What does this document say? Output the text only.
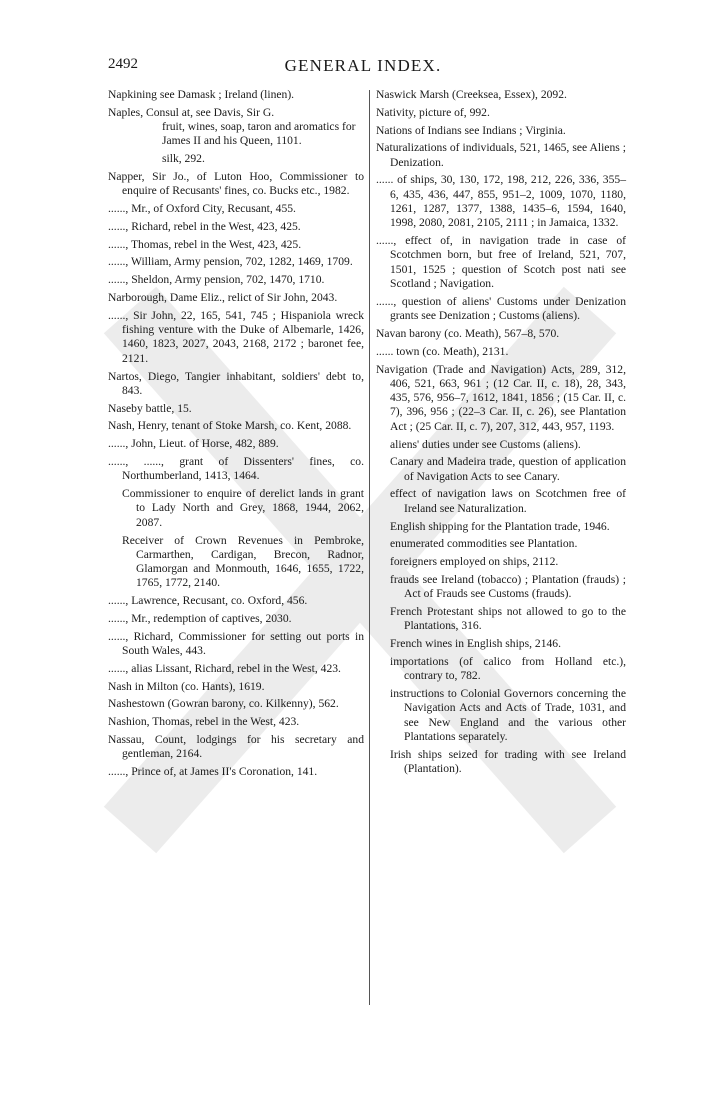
2492	GENERAL INDEX.

Napkining see Damask ; Ireland (linen).

Naples, Consul at, see Davis, Sir G.

fruit, wines, soap, taron and aromatics for James II and his Queen, 1101.

silk, 292.

Napper, Sir Jo., of Luton Hoo, Commissioner to enquire of Recusants' fines, co. Bucks etc., 1982.

......, Mr., of Oxford City, Recusant, 455.

......, Richard, rebel in the West, 423, 425.

......, Thomas, rebel in the West, 423, 425.

......, William, Army pension, 702, 1282, 1469, 1709.

......, Sheldon, Army pension, 702, 1470, 1710.

Narborough, Dame Eliz., relict of Sir John, 2043.

......, Sir John, 22, 165, 541, 745 ; Hispaniola wreck fishing venture with the Duke of Albemarle, 1426, 1460, 1823, 2027, 2043, 2168, 2172 ; baronet fee, 2121.

Nartos, Diego, Tangier inhabitant, soldiers' debt to, 843.

Naseby battle, 15.

Nash, Henry, tenant of Stoke Marsh, co. Kent, 2088.

......, John, Lieut. of Horse, 482, 889.

......, ......, grant of Dissenters' fines, co. Northumberland, 1413, 1464.

Commissioner to enquire of derelict lands in grant to Lady North and Grey, 1868, 1944, 2062, 2087.

Receiver of Crown Revenues in Pembroke, Carmarthen, Cardigan, Brecon, Radnor, Glamorgan and Monmouth, 1646, 1655, 1722, 1765, 1772, 2140.

......, Lawrence, Recusant, co. Oxford, 456.

......, Mr., redemption of captives, 2030.

......, Richard, Commissioner for setting out ports in South Wales, 443.

......, alias Lissant, Richard, rebel in the West, 423.

Nash in Milton (co. Hants), 1619.

Nashestown (Gowran barony, co. Kilkenny), 562.

Nashion, Thomas, rebel in the West, 423.

Nassau, Count, lodgings for his secretary and gentleman, 2164.

......, Prince of, at James II's Coronation, 141.

Naswick Marsh (Creeksea, Essex), 2092.

Nativity, picture of, 992.

Nations of Indians see Indians ; Virginia.

Naturalizations of individuals, 521, 1465, see Aliens ; Denization.

...... of ships, 30, 130, 172, 198, 212, 226, 336, 355–6, 435, 436, 447, 855, 951–2, 1009, 1070, 1180, 1261, 1287, 1377, 1388, 1435–6, 1594, 1640, 1998, 2080, 2081, 2105, 2111 ; in Jamaica, 1332.

......, effect of, in navigation trade in case of Scotchmen born, but free of Ireland, 521, 707, 1501, 1525 ; question of Scotch post nati see Scotland ; Navigation.

......, question of aliens' Customs under Denization grants see Denization ; Customs (aliens).

Navan barony (co. Meath), 567–8, 570.

...... town (co. Meath), 2131.

Navigation (Trade and Navigation) Acts, 289, 312, 406, 521, 663, 961 ; (12 Car. II, c. 18), 28, 343, 435, 576, 956–7, 1612, 1841, 1856 ; (15 Car. II, c. 7), 396, 956 ; (22–3 Car. II, c. 26), see Plantation Act ; (25 Car. II, c. 7), 207, 312, 443, 957, 1193.

aliens' duties under see Customs (aliens).

Canary and Madeira trade, question of application of Navigation Acts to see Canary.

effect of navigation laws on Scotchmen free of Ireland see Naturalization.

English shipping for the Plantation trade, 1946.

enumerated commodities see Plantation.

foreigners employed on ships, 2112.

frauds see Ireland (tobacco) ; Plantation (frauds) ; Act of Frauds see Customs (frauds).

French Protestant ships not allowed to go to the Plantations, 316.

French wines in English ships, 2146.

importations (of calico from Holland etc.), contrary to, 782.

instructions to Colonial Governors concerning the Navigation Acts and Acts of Trade, 1031, and see New England and the various other Plantations separately.

Irish ships seized for trading with see Ireland (Plantation).
